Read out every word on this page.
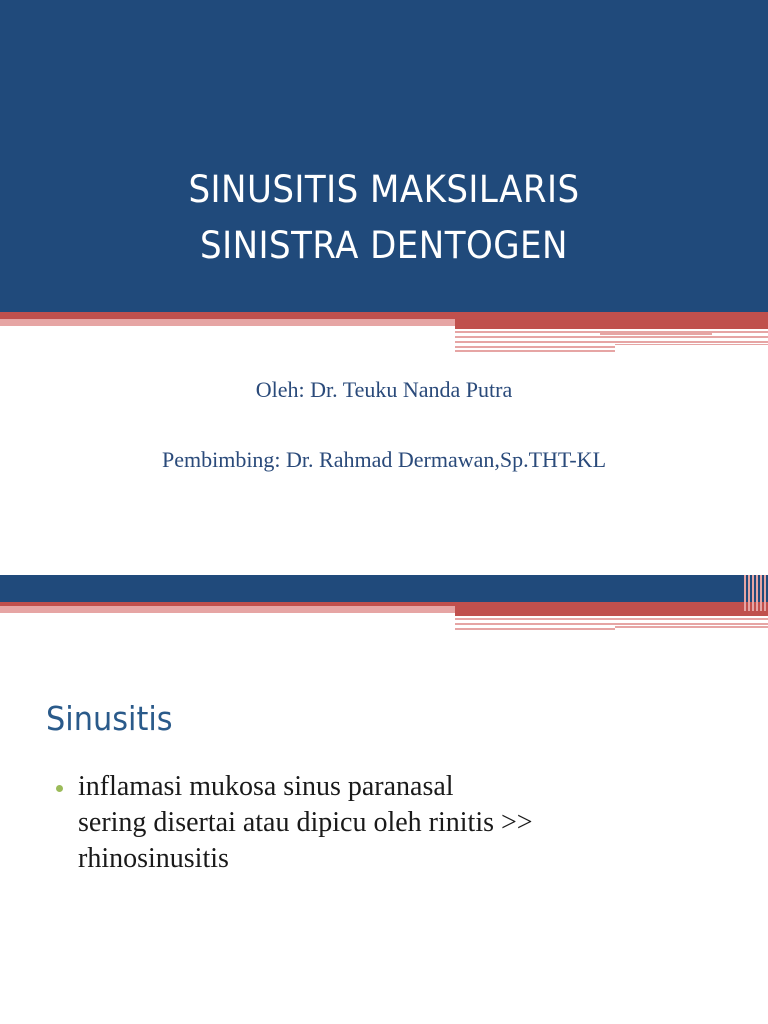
SINUSITIS MAKSILARIS
SINISTRA DENTOGEN

Oleh: Dr. Teuku Nanda Putra

Pembimbing: Dr. Rahmad Dermawan,Sp.THT-KL

Sinusitis
inflamasi mukosa sinus paranasal
sering disertai atau dipicu oleh rinitis >>
rhinosinusitis
